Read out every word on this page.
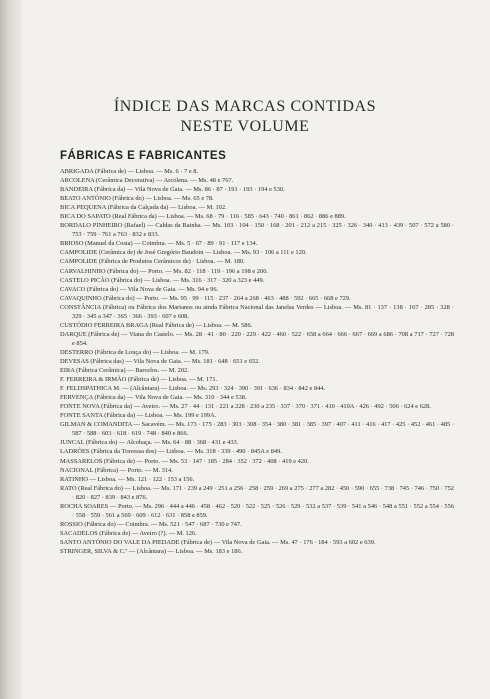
ÍNDICE DAS MARCAS CONTIDAS
NESTE VOLUME
FÁBRICAS E FABRICANTES
ABRIGADA (Fábrica de) — Lisboa. — Ms. 6 · 7 e 8.
ARCOLENA (Cerâmica Decorativa) — Arcolena. — Ms. 48 e 767.
BANDEIRA (Fábrica da) — Vila Nova de Gaia. — Ms. 86 · 87 · 191 · 193 · 194 e 530.
BEATO ANTÓNIO (Fábrica do) — Lisboa. — Ms. 65 e 78.
BICA PEQUENA (Fábrica da Calçada da) — Lisboa. — M. 102.
BICA DO SAPATO (Real Fábrica da) — Lisboa. — Ms. 68 · 79 · 116 · 585 · 643 · 740 · 861 · 862 · 886 e 889.
BORDALO PINHEIRO (Rafael) — Caldas da Rainha. — Ms. 103 · 104 · 150 · 168 · 201 · 212 a 215 · 325 · 326 · 340 · 413 · 439 · 507 · 572 a 580 · 753 · 759 · 761 a 763 · 832 e 833.
BRIOSO (Manuel da Costa) — Coimbra. — Ms. 5 · 67 · 89 · 91 · 117 e 134.
CAMPOLIDE (Cerâmica de) de José Gregório Baudoin — Lisboa. — Ms. 93 · 106 a 111 e 120.
CAMPOLIDE (Fábrica de Produtos Cerâmicos de) · Lisboa. — M. 180.
CARVALHINHO (Fábrica do) — Porto. — Ms. 82 · 118 · 119 · 196 a 198 e 200.
CASTELO PICÃO (Fábrica do) — Lisboa. — Ms. 316 · 317 · 320 a 323 e 449.
CAVACO (Fábrica do) — Vila Nova de Gaia. — Ms. 94 e 96.
CAVAQUINHO (Fábrica do) — Porto. — Ms. 95 · 99 · 115 · 237 · 264 a 268 · 463 · 488 · 592 · 665 · 668 e 729.
CONSTÂNCIA (Fábrica) ou Fábrica dos Marianos ou ainda Fábrica Nacional das Janelas Verdes — Lisboa. — Ms. 81 · 137 · 138 · 167 · 285 · 328 · 329 · 345 a 347 · 365 · 366 · 393 · 607 e 608.
CUSTÓDIO FERREIRA BRAGA (Real Fábrica de) — Lisboa. — M. 586.
DARQUE (Fábrica de) — Viana do Castelo. — Ms. 28 · 41 · 80 · 220 · 229 · 422 · 460 · 522 · 658 a 664 · 666 · 667 · 669 a 686 · 708 a 717 · 727 · 728 e 854.
DESTERRO (Fábrica de Louça do) — Lisboa. — M. 179.
DEVESAS (Fábrica das) — Vila Nova de Gaia. — Ms. 181 · 648 · 651 e 652.
EIRA (Fábrica Cerâmica) — Barcelos. — M. 202.
F. FERREIRA & IRMÃO (Fábrica de) — Lisboa. — M. 171.
F. FELDSPATHICA M. — (Alcântara) — Lisboa. — Ms. 293 · 324 · 390 · 391 · 636 · 834 · 842 e 844.
FERVENÇA (Fábrica da) — Vila Nova de Gaia. — Ms. 310 · 344 e 538.
FONTE NOVA (Fábrica da) — Aveiro. — Ms. 27 · 44 · 131 · 221 a 228 · 230 a 235 · 337 · 370 · 371 · 410 · 410A · 426 · 492 · 506 · 624 e 628.
FONTE SANTA (Fábrica da) — Lisboa. — Ms. 199 e 199A.
GILMAN & COMANDITA — Sacavém. — Ms. 173 · 175 · 283 · 303 · 308 · 354 · 380 · 381 · 385 · 397 · 407 · 411 · 416 · 417 · 425 · 452 · 461 · 485 · 587 · 588 · 603 · 618 · 619 · 748 · 840 e 866.
JUNCAL (Fábrica do) — Alcobaça. — Ms. 64 · 88 · 368 · 431 e 433.
LADRÕES (Fábrica da Travessa dos) — Lisboa. — Ms. 318 · 339 · 490 · 845A e 849.
MASSARELOS (Fábrica de) — Porto. — Ms. 53 · 147 · 185 · 284 · 352 · 372 · 408 · 419 e 420.
NACIONAL (Fábrica) — Porto. — M. 314.
RATINHO — Lisboa. — Ms. 121 · 122 · 153 a 156.
RATO (Real Fábrica do) — Lisboa. — Ms. 171 · 239 a 249 · 251 a 256 · 258 · 259 · 269 a 275 · 277 a 282 · 450 · 590 · 655 · 738 · 745 · 746 · 750 · 752 · 820 · 827 · 839 · 843 e 876.
ROCHA SOARES — Porto. — Ms. 296 · 444 a 446 · 458 · 462 · 520 · 522 · 525 · 526 · 529 · 532 a 537 · 539 · 541 a 546 · 548 a 551 · 552 a 554 · 556 · 558 · 559 · 561 a 569 · 609 · 612 · 631 · 858 e 859.
ROSSIO (Fábrica do) — Coimbra. — Ms. 521 · 547 · 687 · 730 e 747.
SACADELOS (Fábrica de) — Aveiro (?). — M. 126.
SANTO ANTÓNIO DO VALE DA PIEDADE (Fábrica de) — Vila Nova de Gaia. — Ms. 47 · 176 · 184 · 593 a 602 e 639.
STRINGER, SILVA & C.ª — (Alcântara) — Lisboa. — Ms. 183 e 186.
